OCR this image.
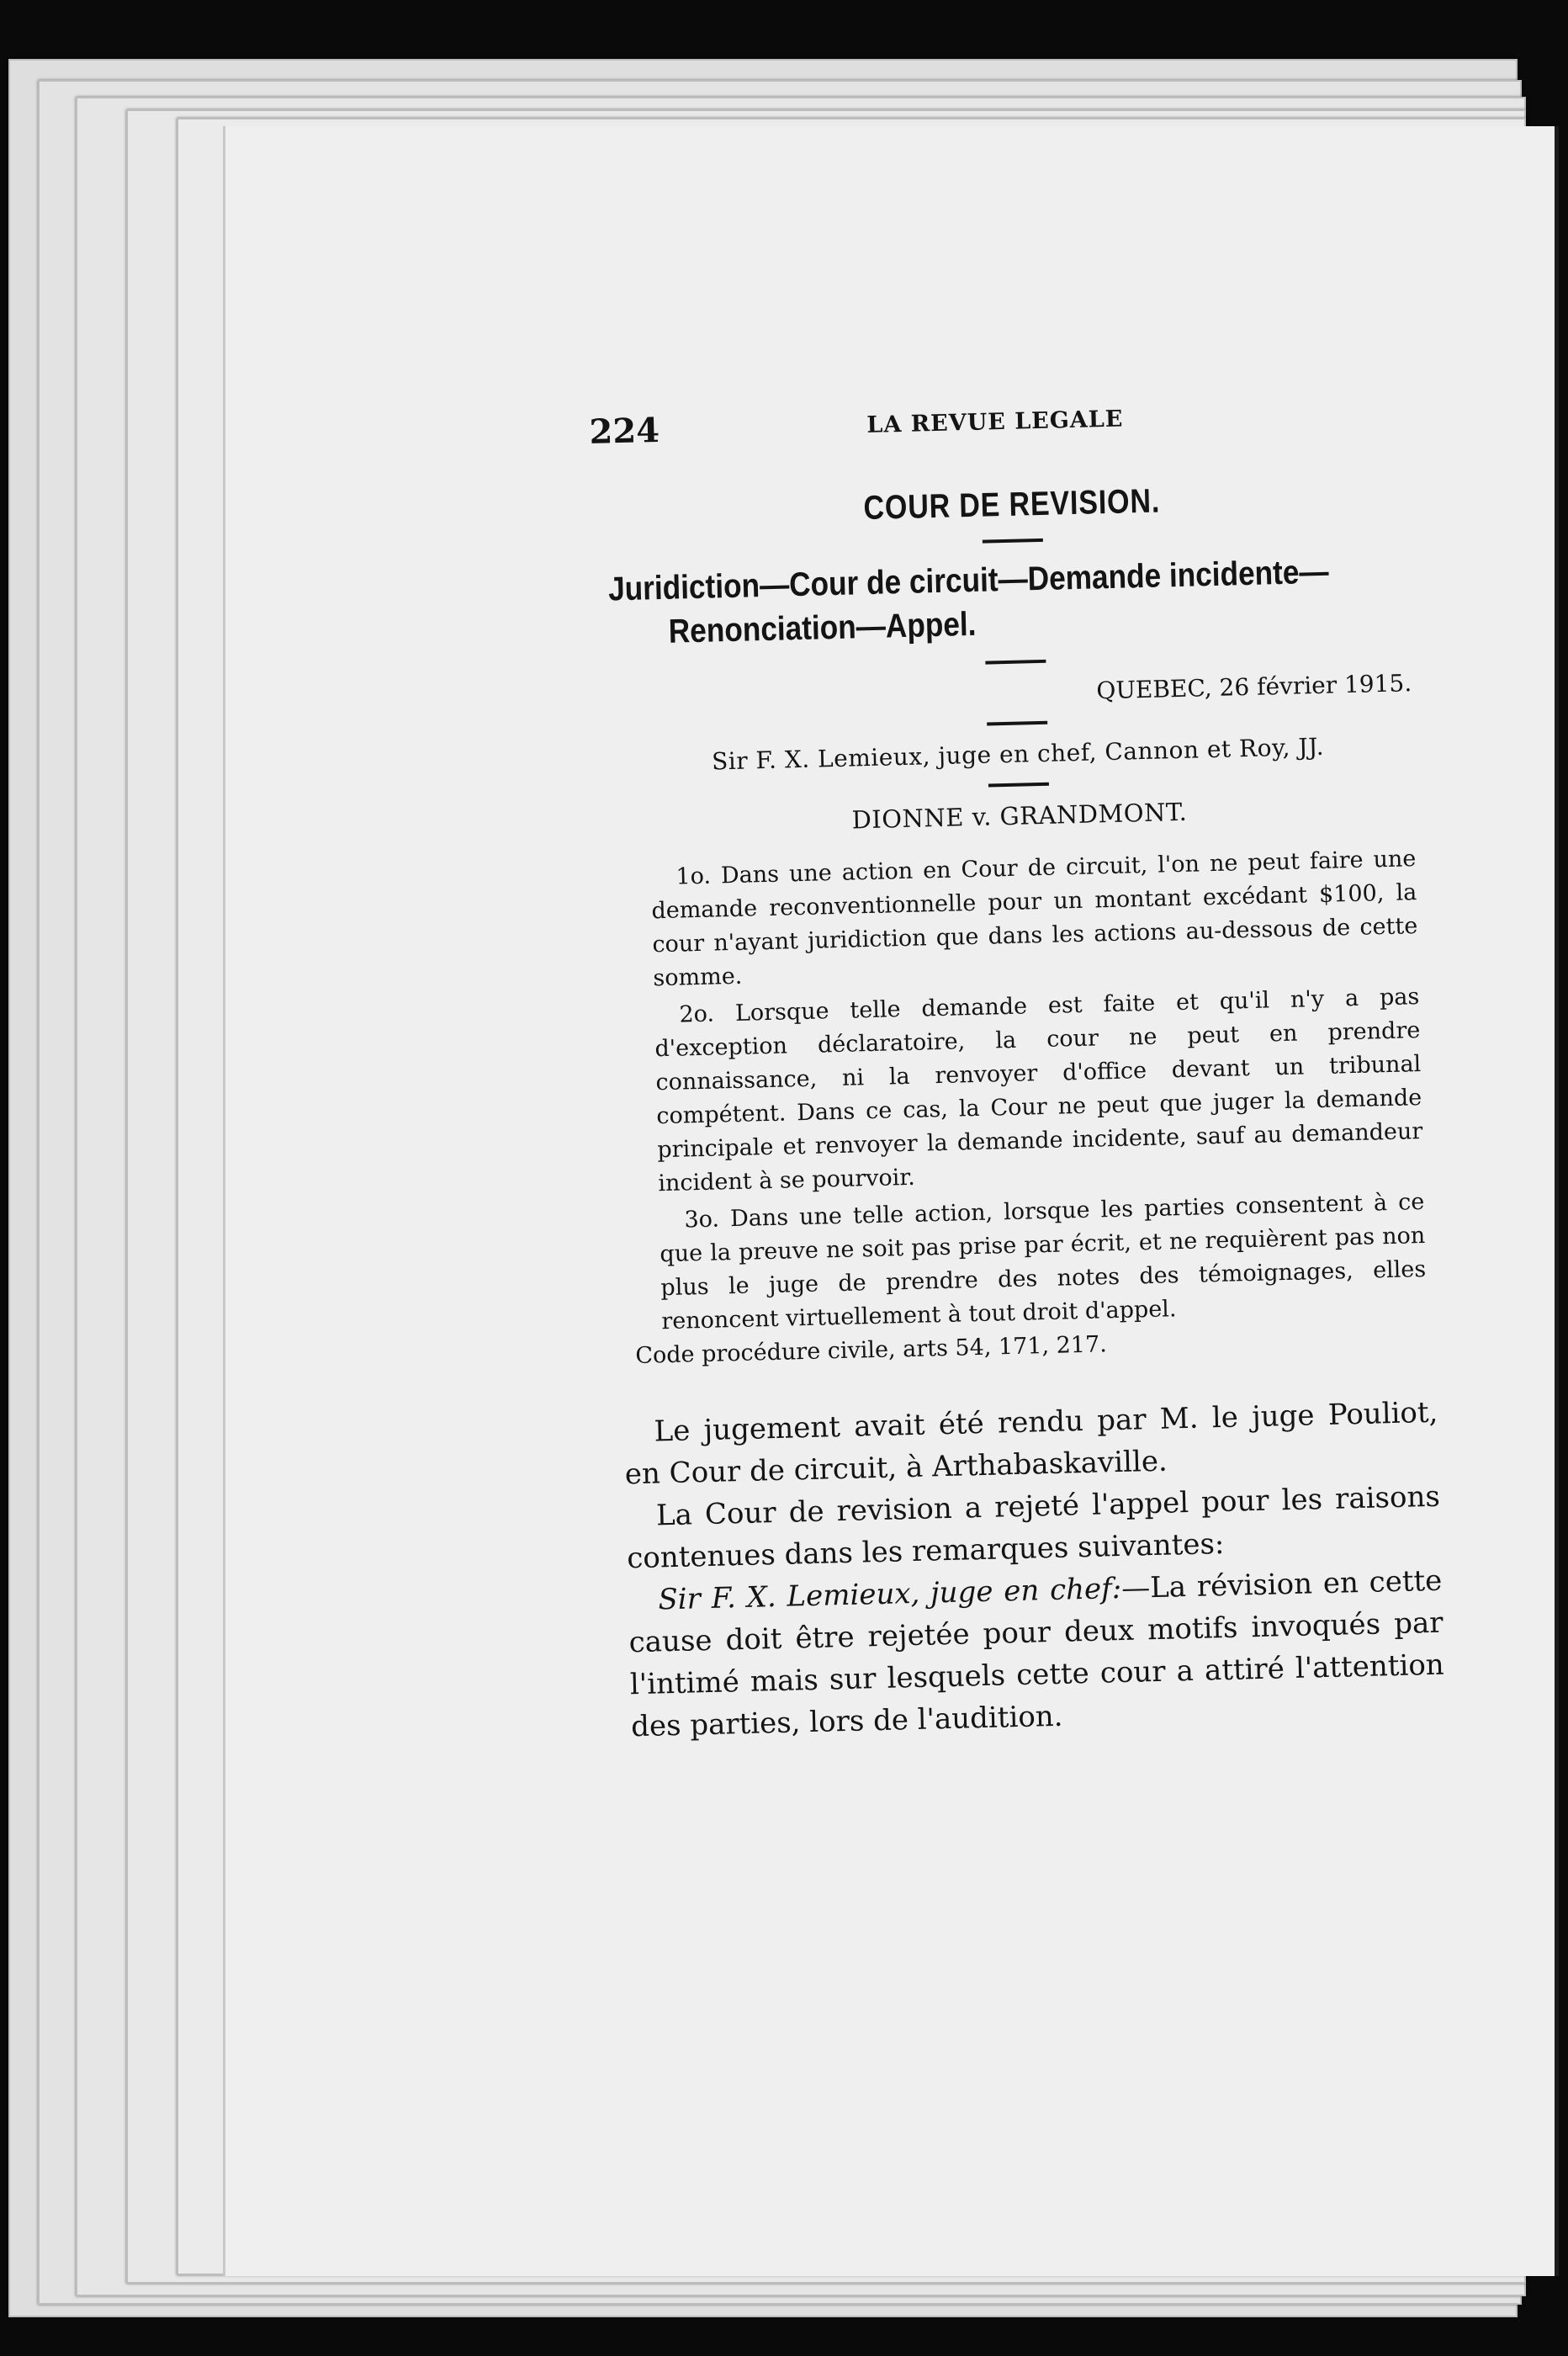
224	LA REVUE LEGALE
COUR DE REVISION.
Juridiction—Cour de circuit—Demande incidente—
Renonciation—Appel.
QUEBEC, 26 février 1915.
Sir F. X. Lemieux, juge en chef, Cannon et Roy, JJ.
DIONNE v. GRANDMONT.

1o. Dans une action en Cour de circuit, l'on ne peut faire une demande reconventionnelle pour un montant excédant $100, la cour n'ayant juridiction que dans les actions au-dessous de cette somme.

2o. Lorsque telle demande est faite et qu'il n'y a pas d'exception déclaratoire, la cour ne peut en prendre connaissance, ni la renvoyer d'office devant un tribunal compétent. Dans ce cas, la Cour ne peut que juger la demande principale et renvoyer la demande incidente, sauf au demandeur incident à se pourvoir.

3o. Dans une telle action, lorsque les parties consentent à ce que la preuve ne soit pas prise par écrit, et ne requièrent pas non plus le juge de prendre des notes des témoignages, elles renoncent virtuellement à tout droit d'appel.

Code procédure civile, arts 54, 171, 217.

Le jugement avait été rendu par M. le juge Pouliot, en Cour de circuit, à Arthabaskaville.

La Cour de revision a rejeté l'appel pour les raisons contenues dans les remarques suivantes:

Sir F. X. Lemieux, juge en chef:—La révision en cette cause doit être rejetée pour deux motifs invoqués par l'intimé mais sur lesquels cette cour a attiré l'attention des parties, lors de l'audition.
